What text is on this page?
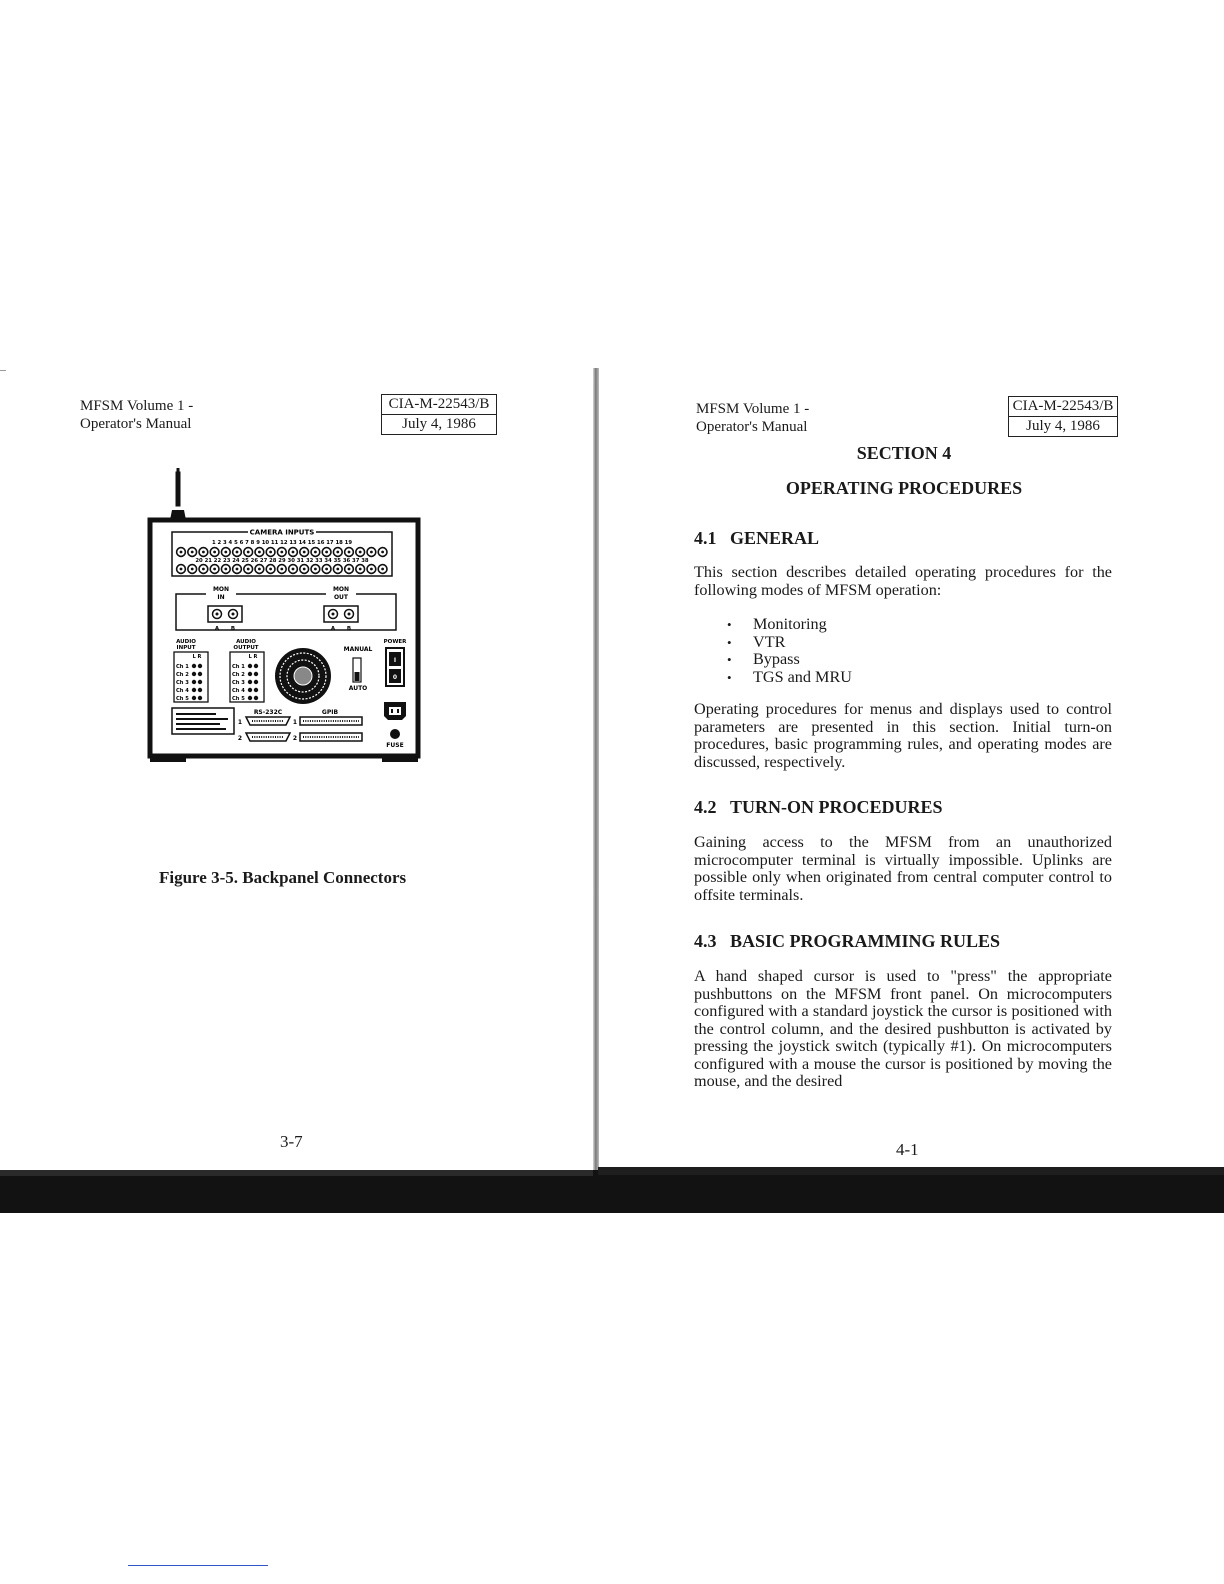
MFSM Volume 1 -
Operator's Manual
CIA-M-22543/B
July 4, 1986
CAMERA INPUTS
1 2 3 4 5 6 7 8 9 10 11 12 13 14 15 16 17 18 19
20 21 22 23 24 25 26 27 28 29 30 31 32 33 34 35 36 37 38
MON
IN
MON
OUT
A B	A B
AUDIO
INPUT
L R
Ch 1
Ch 2
Ch 3
Ch 4
Ch 5
AUDIO
OUTPUT
L R
Ch 1
Ch 2
Ch 3
Ch 4
Ch 5
MANUAL
AUTO
POWER
I
0
RS-232C
1
2
GPIB
1
2
FUSE
Figure 3-5. Backpanel Connectors
3-7
MFSM Volume 1 -
Operator's Manual
CIA-M-22543/B
July 4, 1986
SECTION 4
OPERATING PROCEDURES
4.1 GENERAL
This section describes detailed operating procedures for the following modes of MFSM operation:
• Monitoring
• VTR
• Bypass
• TGS and MRU
Operating procedures for menus and displays used to control parameters are presented in this section. Initial turn-on procedures, basic programming rules, and operating modes are discussed, respectively.
4.2 TURN-ON PROCEDURES
Gaining access to the MFSM from an unauthorized microcomputer terminal is virtually impossible. Uplinks are possible only when originated from central computer control to offsite terminals.
4.3 BASIC PROGRAMMING RULES
A hand shaped cursor is used to "press" the appropriate pushbuttons on the MFSM front panel. On microcomputers configured with a standard joystick the cursor is positioned with the control column, and the desired pushbutton is activated by pressing the joystick switch (typically #1). On microcomputers configured with a mouse the cursor is positioned by moving the mouse, and the desired
4-1
